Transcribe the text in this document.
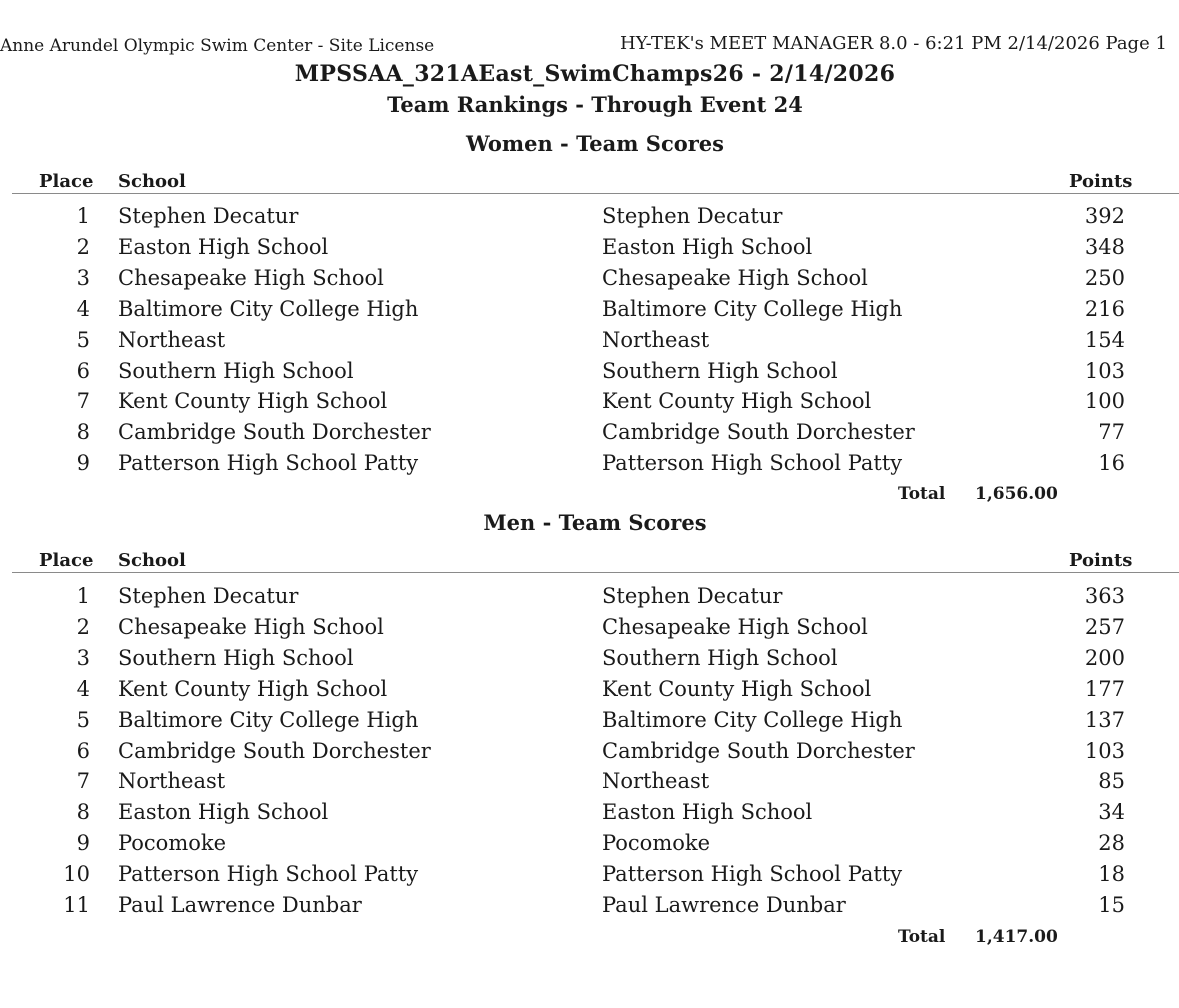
Anne Arundel Olympic Swim Center - Site License	HY-TEK's MEET MANAGER 8.0 - 6:21 PM 2/14/2026 Page 1
MPSSAA_321AEast_SwimChamps26 - 2/14/2026
Team Rankings - Through Event 24
Women - Team Scores
Place School	Points
1 Stephen Decatur	Stephen Decatur	392
2 Easton High School	Easton High School	348
3 Chesapeake High School	Chesapeake High School	250
4 Baltimore City College High	Baltimore City College High	216
5 Northeast	Northeast	154
6 Southern High School	Southern High School	103
7 Kent County High School	Kent County High School	100
8 Cambridge South Dorchester	Cambridge South Dorchester	77
9 Patterson High School Patty	Patterson High School Patty	16
Total 1,656.00
Men - Team Scores
Place School	Points
1 Stephen Decatur	Stephen Decatur	363
2 Chesapeake High School	Chesapeake High School	257
3 Southern High School	Southern High School	200
4 Kent County High School	Kent County High School	177
5 Baltimore City College High	Baltimore City College High	137
6 Cambridge South Dorchester	Cambridge South Dorchester	103
7 Northeast	Northeast	85
8 Easton High School	Easton High School	34
9 Pocomoke	Pocomoke	28
10 Patterson High School Patty	Patterson High School Patty	18
11 Paul Lawrence Dunbar	Paul Lawrence Dunbar	15
Total 1,417.00
